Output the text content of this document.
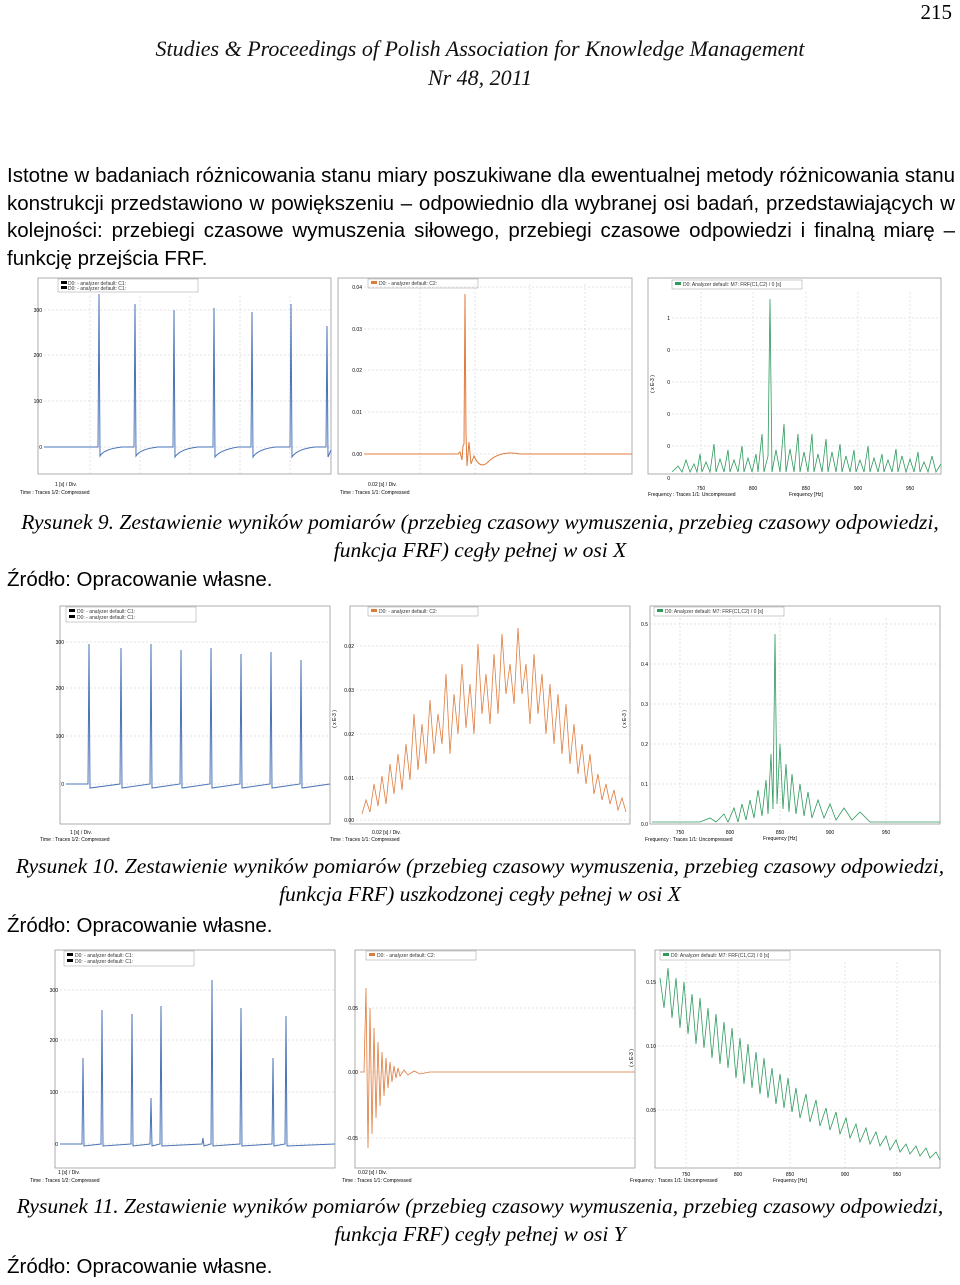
215
Studies & Proceedings of Polish Association for Knowledge Management
Nr 48, 2011

Istotne w badaniach różnicowania stanu miary poszukiwane dla ewentualnej metody różnicowania stanu konstrukcji przedstawiono w powiększeniu – odpowiednio dla wybranej osi badań, przedstawiających w kolejności: przebiegi czasowe wymuszenia siłowego, przebiegi czasowe odpowiedzi i finalną miarę – funkcję przejścia FRF.

D0: - analyzer default: C1:
D0: - analyzer default: C1:
300
200
100
0
1 [s] / Div.
Time : Traces 1/2: Compressed
D0: - analyzer default: C2:
0.04
0.03
0.02
0.01
0.00
0.02 [s] / Div.
Time : Traces 1/1: Compressed
D0: Analyzer default: M7: FRF(C1,C2) / 0 [s]
1
0
0
0
0
0
( x E-3 )
750	800	850	900	950
Frequency [Hz]
Frequency : Traces 1/1: Uncompressed

Rysunek 9. Zestawienie wyników pomiarów (przebieg czasowy wymuszenia, przebieg czasowy odpowiedzi, funkcja FRF) cegły pełnej w osi X

Źródło: Opracowanie własne.

D0: - analyzer default: C1:
D0: - analyzer default: C1:
300
200
100
0
1 [s] / Div.
Time : Traces 1/2: Compressed
D0: - analyzer default: C2:
0.02
0.03
0.02
0.01
0.00
( x E-3 )
0.02 [s] / Div.
Time : Traces 1/1: Compressed
D0: Analyzer default: M7: FRF(C1,C2) / 0 [s]
0.5
0.4
0.3
0.2
0.1
0.0
( x E-3 )
750	800	850	900	950
Frequency [Hz]
Frequency : Traces 1/1: Uncompressed

Rysunek 10. Zestawienie wyników pomiarów (przebieg czasowy wymuszenia, przebieg czasowy odpowiedzi, funkcja FRF) uszkodzonej cegły pełnej w osi X

Źródło: Opracowanie własne.

D0: - analyzer default: C1:
D0: - analyzer default: C1:
300
200
100
0
1 [s] / Div.
Time : Traces 1/2: Compressed
D0: - analyzer default: C2:
0.05
0.00
-0.05
0.02 [s] / Div.
Time : Traces 1/1: Compressed
D0: Analyzer default: M7: FRF(C1,C2) / 0 [s]
0.15
0.10
0.05
( x E-3 )
750	800	850	900	950
Frequency [Hz]
Frequency : Traces 1/1: Uncompressed

Rysunek 11. Zestawienie wyników pomiarów (przebieg czasowy wymuszenia, przebieg czasowy odpowiedzi, funkcja FRF) cegły pełnej w osi Y

Źródło: Opracowanie własne.
